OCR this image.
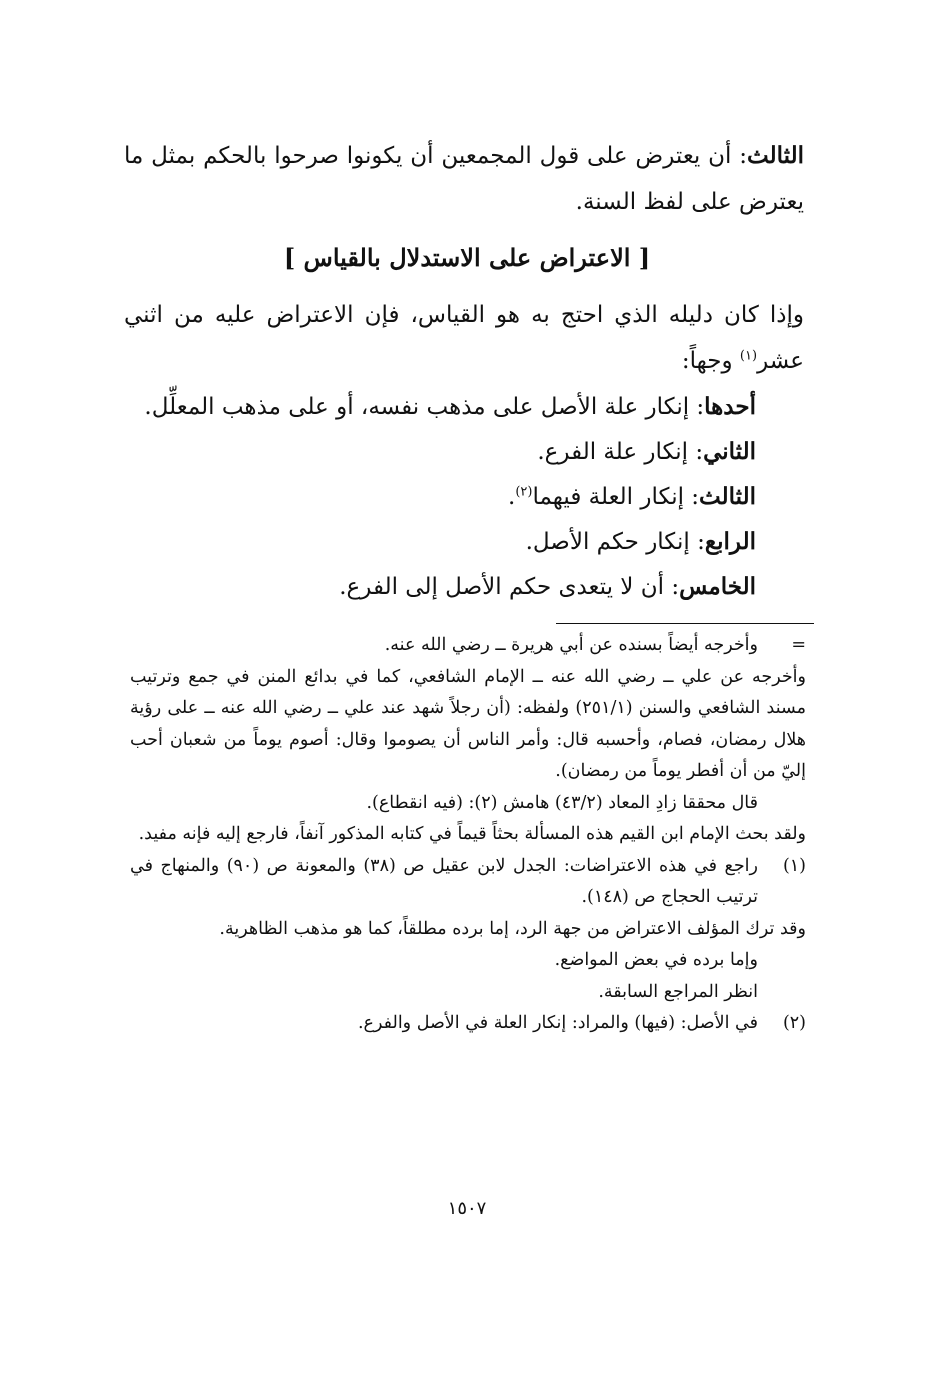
الثالث: أن يعترض على قول المجمعين أن يكونوا صرحوا بالحكم بمثل ما يعترض على لفظ السنة.
[ الاعتراض على الاستدلال بالقياس ]
وإذا كان دليله الذي احتج به هو القياس، فإن الاعتراض عليه من اثني عشر$^{(١)}$ وجهاً:
أحدها: إنكار علة الأصل على مذهب نفسه، أو على مذهب المعلِّل.
الثاني: إنكار علة الفرع.
الثالث: إنكار العلة فيهما$^{(٢)}$.
الرابع: إنكار حكم الأصل.
الخامس: أن لا يتعدى حكم الأصل إلى الفرع.
=
وأخرجه أيضاً بسنده عن أبي هريرة ــ رضي الله عنه.
وأخرجه عن علي ــ رضي الله عنه ــ الإمام الشافعي، كما في بدائع المنن في جمع وترتيب مسند الشافعي والسنن (٢٥١/١) ولفظه: (أن رجلاً شهد عند علي ــ رضي الله عنه ــ على رؤية هلال رمضان، فصام، وأحسبه قال: وأمر الناس أن يصوموا وقال: أصوم يوماً من شعبان أحب إليّ من أن أفطر يوماً من رمضان).
قال محققا زادِ المعاد (٤٣/٢) هامش (٢): (فيه انقطاع).
ولقد بحث الإمام ابن القيم هذه المسألة بحثاً قيماً في كتابه المذكور آنفاً، فارجع إليه فإنه مفيد.
(١)
راجع في هذه الاعتراضات: الجدل لابن عقيل ص (٣٨) والمعونة ص (٩٠) والمنهاج في ترتيب الحجاج ص (١٤٨).
وقد ترك المؤلف الاعتراض من جهة الرد، إما برده مطلقاً، كما هو مذهب الظاهرية.
وإما برده في بعض المواضع.
انظر المراجع السابقة.
(٢)
في الأصل: (فيها) والمراد: إنكار العلة في الأصل والفرع.
١٥٠٧
